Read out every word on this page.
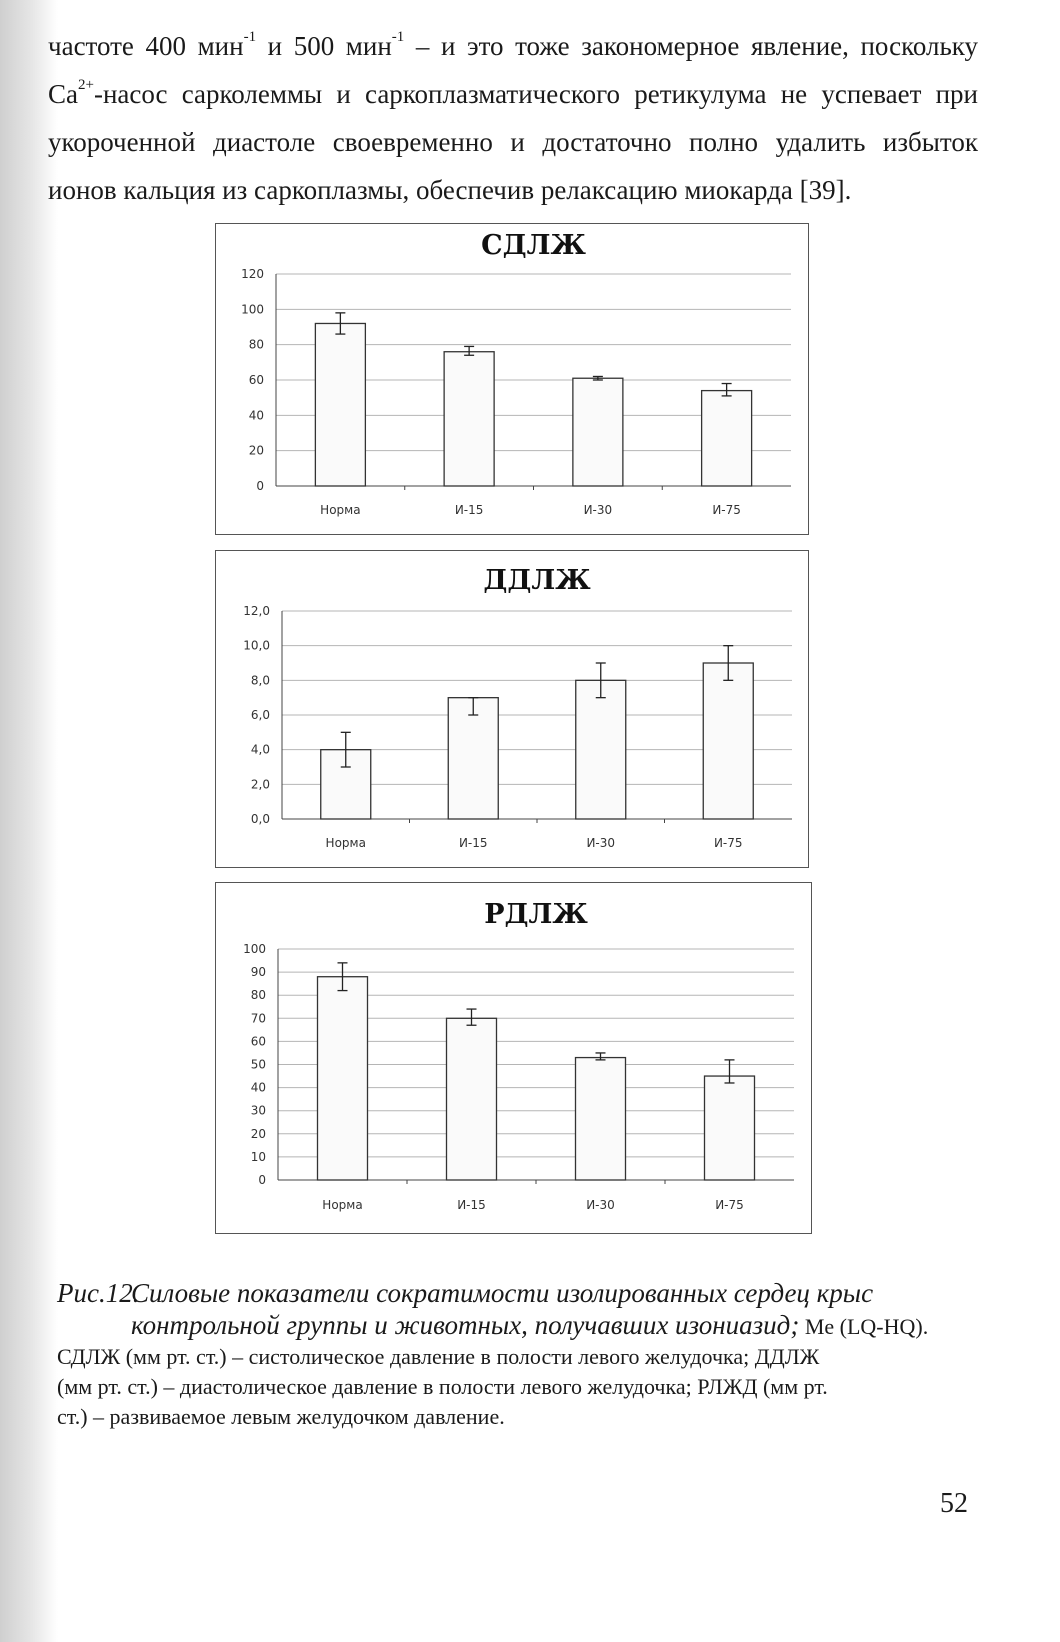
частоте 400 мин$^{-1}$ и 500 мин$^{-1}$ – и это тоже закономерное явление, поскольку
$Ca^{2+}$-насос сарколеммы и саркоплазматического ретикулума не успевает при
укороченной диастоле своевременно и достаточно полно удалить избыток
ионов кальция из саркоплазмы, обеспечив релаксацию миокарда [39].
СДЛЖ
0
20
40
60
80
100
120
Норма	И-15	И-30	И-75
ДДЛЖ
0,0
2,0
4,0
6,0
8,0
10,0
12,0
Норма	И-15	И-30	И-75
РДЛЖ
0
10
20
30
40
50
60
70
80
90
100
Норма	И-15	И-30	И-75
Рис.12.Силовые показатели сократимости изолированных сердец крыс
контрольной группы и животных, получавших изониазид; Me (LQ-HQ).
СДЛЖ (мм рт. ст.) – систолическое давление в полости левого желудочка; ДДЛЖ
(мм рт. ст.) – диастолическое давление в полости левого желудочка; РЛЖД (мм рт.
ст.) – развиваемое левым желудочком давление.
52
